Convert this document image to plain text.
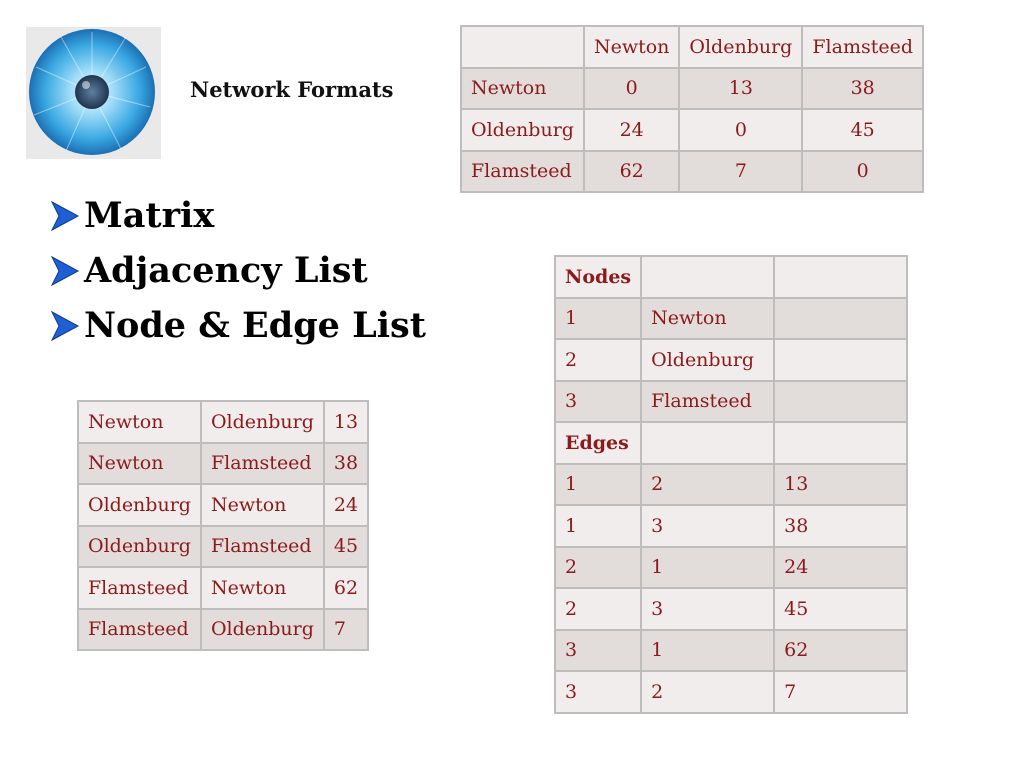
Network Formats
Matrix
Adjacency List
Node & Edge List
	Newton	Oldenburg	Flamsteed
Newton	0	13	38
Oldenburg	24	0	45
Flamsteed	62	7	0
Newton	Oldenburg	13
Newton	Flamsteed	38
Oldenburg	Newton	24
Oldenburg	Flamsteed	45
Flamsteed	Newton	62
Flamsteed	Oldenburg	7
Nodes		
1	Newton	
2	Oldenburg	
3	Flamsteed	
Edges		
1	2	13
1	3	38
2	1	24
2	3	45
3	1	62
3	2	7
